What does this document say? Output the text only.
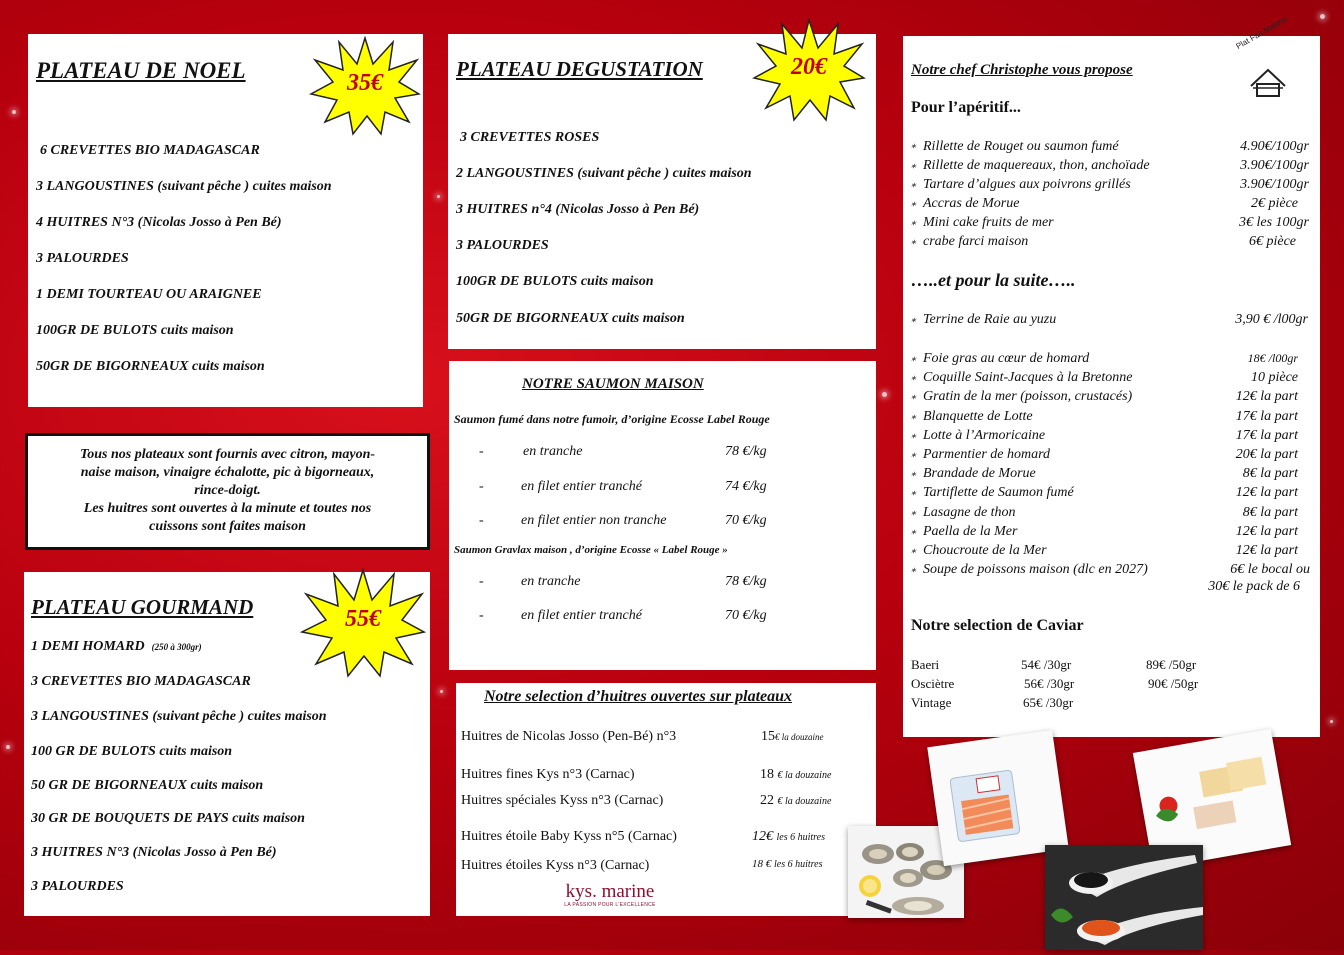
PLATEAU DE NOEL
6 CREVETTES BIO MADAGASCAR
3 LANGOUSTINES (suivant pêche ) cuites maison
4 HUITRES N°3 (Nicolas Josso à Pen Bé)
3 PALOURDES
1 DEMI TOURTEAU OU ARAIGNEE
100GR DE BULOTS cuits maison
50GR DE BIGORNEAUX cuits maison
35€
Tous nos plateaux sont fournis avec citron, mayon-
naise maison, vinaigre échalotte, pic à bigorneaux,
rince-doigt.
Les huitres sont ouvertes à la minute et toutes nos
cuissons sont faites maison
PLATEAU GOURMAND
1 DEMI HOMARD (250 à 300gr)
3 CREVETTES BIO MADAGASCAR
3 LANGOUSTINES (suivant pêche ) cuites maison
100 GR DE BULOTS cuits maison
50 GR DE BIGORNEAUX cuits maison
30 GR DE BOUQUETS DE PAYS cuits maison
3 HUITRES N°3 (Nicolas Josso à Pen Bé)
3 PALOURDES
55€
PLATEAU DEGUSTATION
3 CREVETTES ROSES
2 LANGOUSTINES (suivant pêche ) cuites maison
3 HUITRES n°4 (Nicolas Josso à Pen Bé)
3 PALOURDES
100GR DE BULOTS cuits maison
50GR DE BIGORNEAUX cuits maison
20€
NOTRE SAUMON MAISON
Saumon fumé dans notre fumoir, d’origine Ecosse Label Rouge
-	en tranche	78 €/kg
-	en filet entier tranché	74 €/kg
-	en filet entier non tranche	70 €/kg
Saumon Gravlax maison , d’origine Ecosse « Label Rouge »
-	en tranche	78 €/kg
-	en filet entier tranché	70 €/kg
Notre selection d’huitres ouvertes sur plateaux
Huitres de Nicolas Josso (Pen-Bé) n°3	15€ la douzaine
Huitres fines Kys n°3 (Carnac)	18 € la douzaine
Huitres spéciales Kyss n°3 (Carnac)	22 € la douzaine
Huitres étoile Baby Kyss n°5 (Carnac)	12€ les 6 huitres
Huitres étoiles Kyss n°3 (Carnac)	18 € les 6 huitres
kys. marine
LA PASSION POUR L’EXCELLENCE
Notre chef Christophe vous propose
Plat Fait Maison
Pour l’apéritif...
⁎ Rillette de Rouget ou saumon fumé	4.90€/100gr
⁎ Rillette de maquereaux, thon, anchoïade	3.90€/100gr
⁎ Tartare d’algues aux poivrons grillés	3.90€/100gr
⁎ Accras de Morue	2€ pièce
⁎ Mini cake fruits de mer	3€ les 100gr
⁎ crabe farci maison	6€ pièce
…..et pour la suite…..
⁎ Terrine de Raie au yuzu	3,90 € /l00gr
⁎ Foie gras au cœur de homard	18€ /l00gr
⁎ Coquille Saint-Jacques à la Bretonne	10 pièce
⁎ Gratin de la mer (poisson, crustacés)	12€ la part
⁎ Blanquette de Lotte	17€ la part
⁎ Lotte à l’Armoricaine	17€ la part
⁎ Parmentier de homard	20€ la part
⁎ Brandade de Morue	8€ la part
⁎ Tartiflette de Saumon fumé	12€ la part
⁎ Lasagne de thon	8€ la part
⁎ Paella de la Mer	12€ la part
⁎ Choucroute de la Mer	12€ la part
⁎ Soupe de poissons maison (dlc en 2027)	6€ le bocal ou
30€ le pack de 6
Notre selection de Caviar
Baeri	54€ /30gr	89€ /50gr
Osciètre	56€ /30gr	90€ /50gr
Vintage	65€ /30gr
